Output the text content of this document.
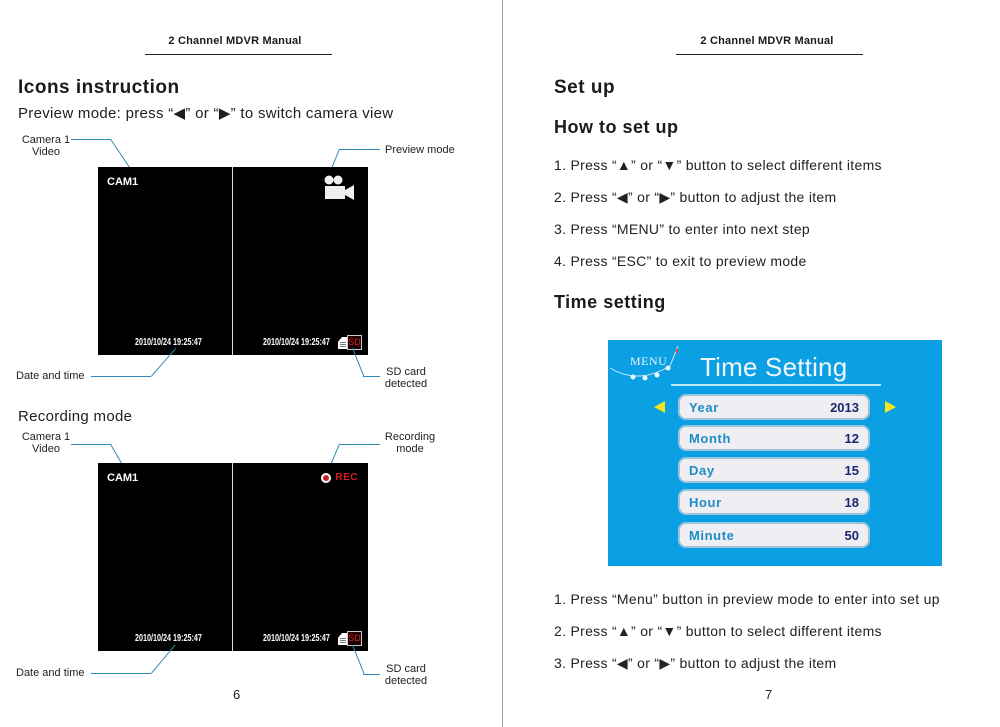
2 Channel MDVR Manual
Icons instruction
Preview mode: press “◀” or “▶” to switch camera view
Camera 1
Video	Preview mode
CAM1
2010/10/24 19:25:47	2010/10/24 19:25:47 SD
Date and time	SD card
detected
Recording mode
Camera 1
Video
Recording
mode
CAM1	REC
2010/10/24 19:25:47	2010/10/24 19:25:47 SD
Date and time	SD card
detected
6
2 Channel MDVR Manual
Set up
How to set up
1. Press “▲” or “▼” button to select different items
2. Press “◀” or “▶” button to adjust the item
3. Press “MENU” to enter into next step
4. Press “ESC” to exit to preview mode
Time setting
MENU Time Setting
Year	2013
Month	12
Day	15
Hour	18
Minute	50
1. Press “Menu” button in preview mode to enter into set up
2. Press “▲” or “▼” button to select different items
3. Press “◀” or “▶” button to adjust the item
7
